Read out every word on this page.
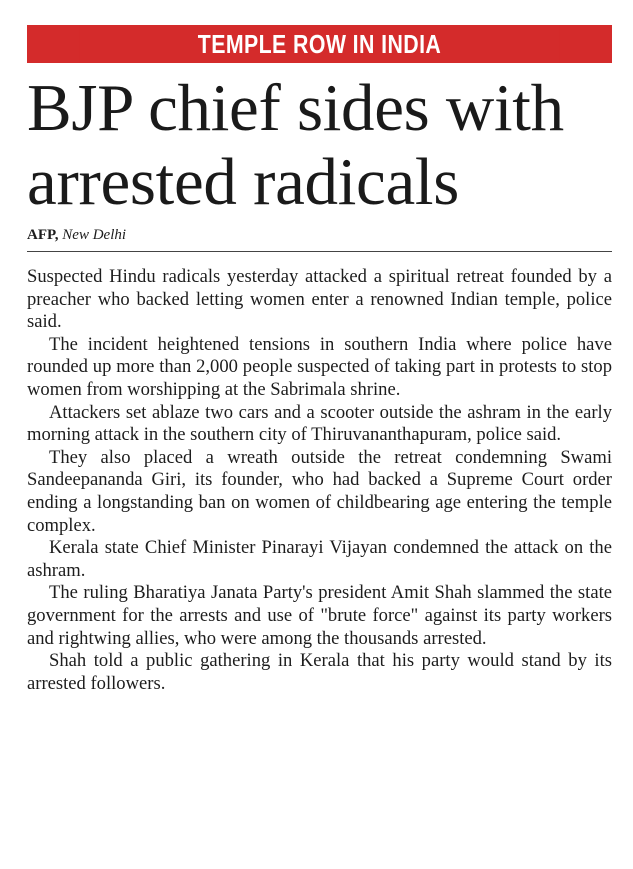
TEMPLE ROW IN INDIA
BJP chief sides with
arrested radicals
AFP, New Delhi

Suspected Hindu radicals yesterday attacked a spiritual retreat founded by a preacher who backed letting women enter a renowned Indian temple, police said.

The incident heightened tensions in southern India where police have rounded up more than 2,000 people suspected of taking part in protests to stop women from worshipping at the Sabrimala shrine.

Attackers set ablaze two cars and a scooter outside the ashram in the early morning attack in the southern city of Thiruvananthapuram, police said.

They also placed a wreath outside the retreat condemning Swami Sandeepananda Giri, its founder, who had backed a Supreme Court order ending a longstanding ban on women of childbearing age entering the temple complex.

Kerala state Chief Minister Pinarayi Vijayan condemned the attack on the ashram.

The ruling Bharatiya Janata Party's president Amit Shah slammed the state government for the arrests and use of "brute force" against its party workers and rightwing allies, who were among the thousands arrested.

Shah told a public gathering in Kerala that his party would stand by its arrested followers.
